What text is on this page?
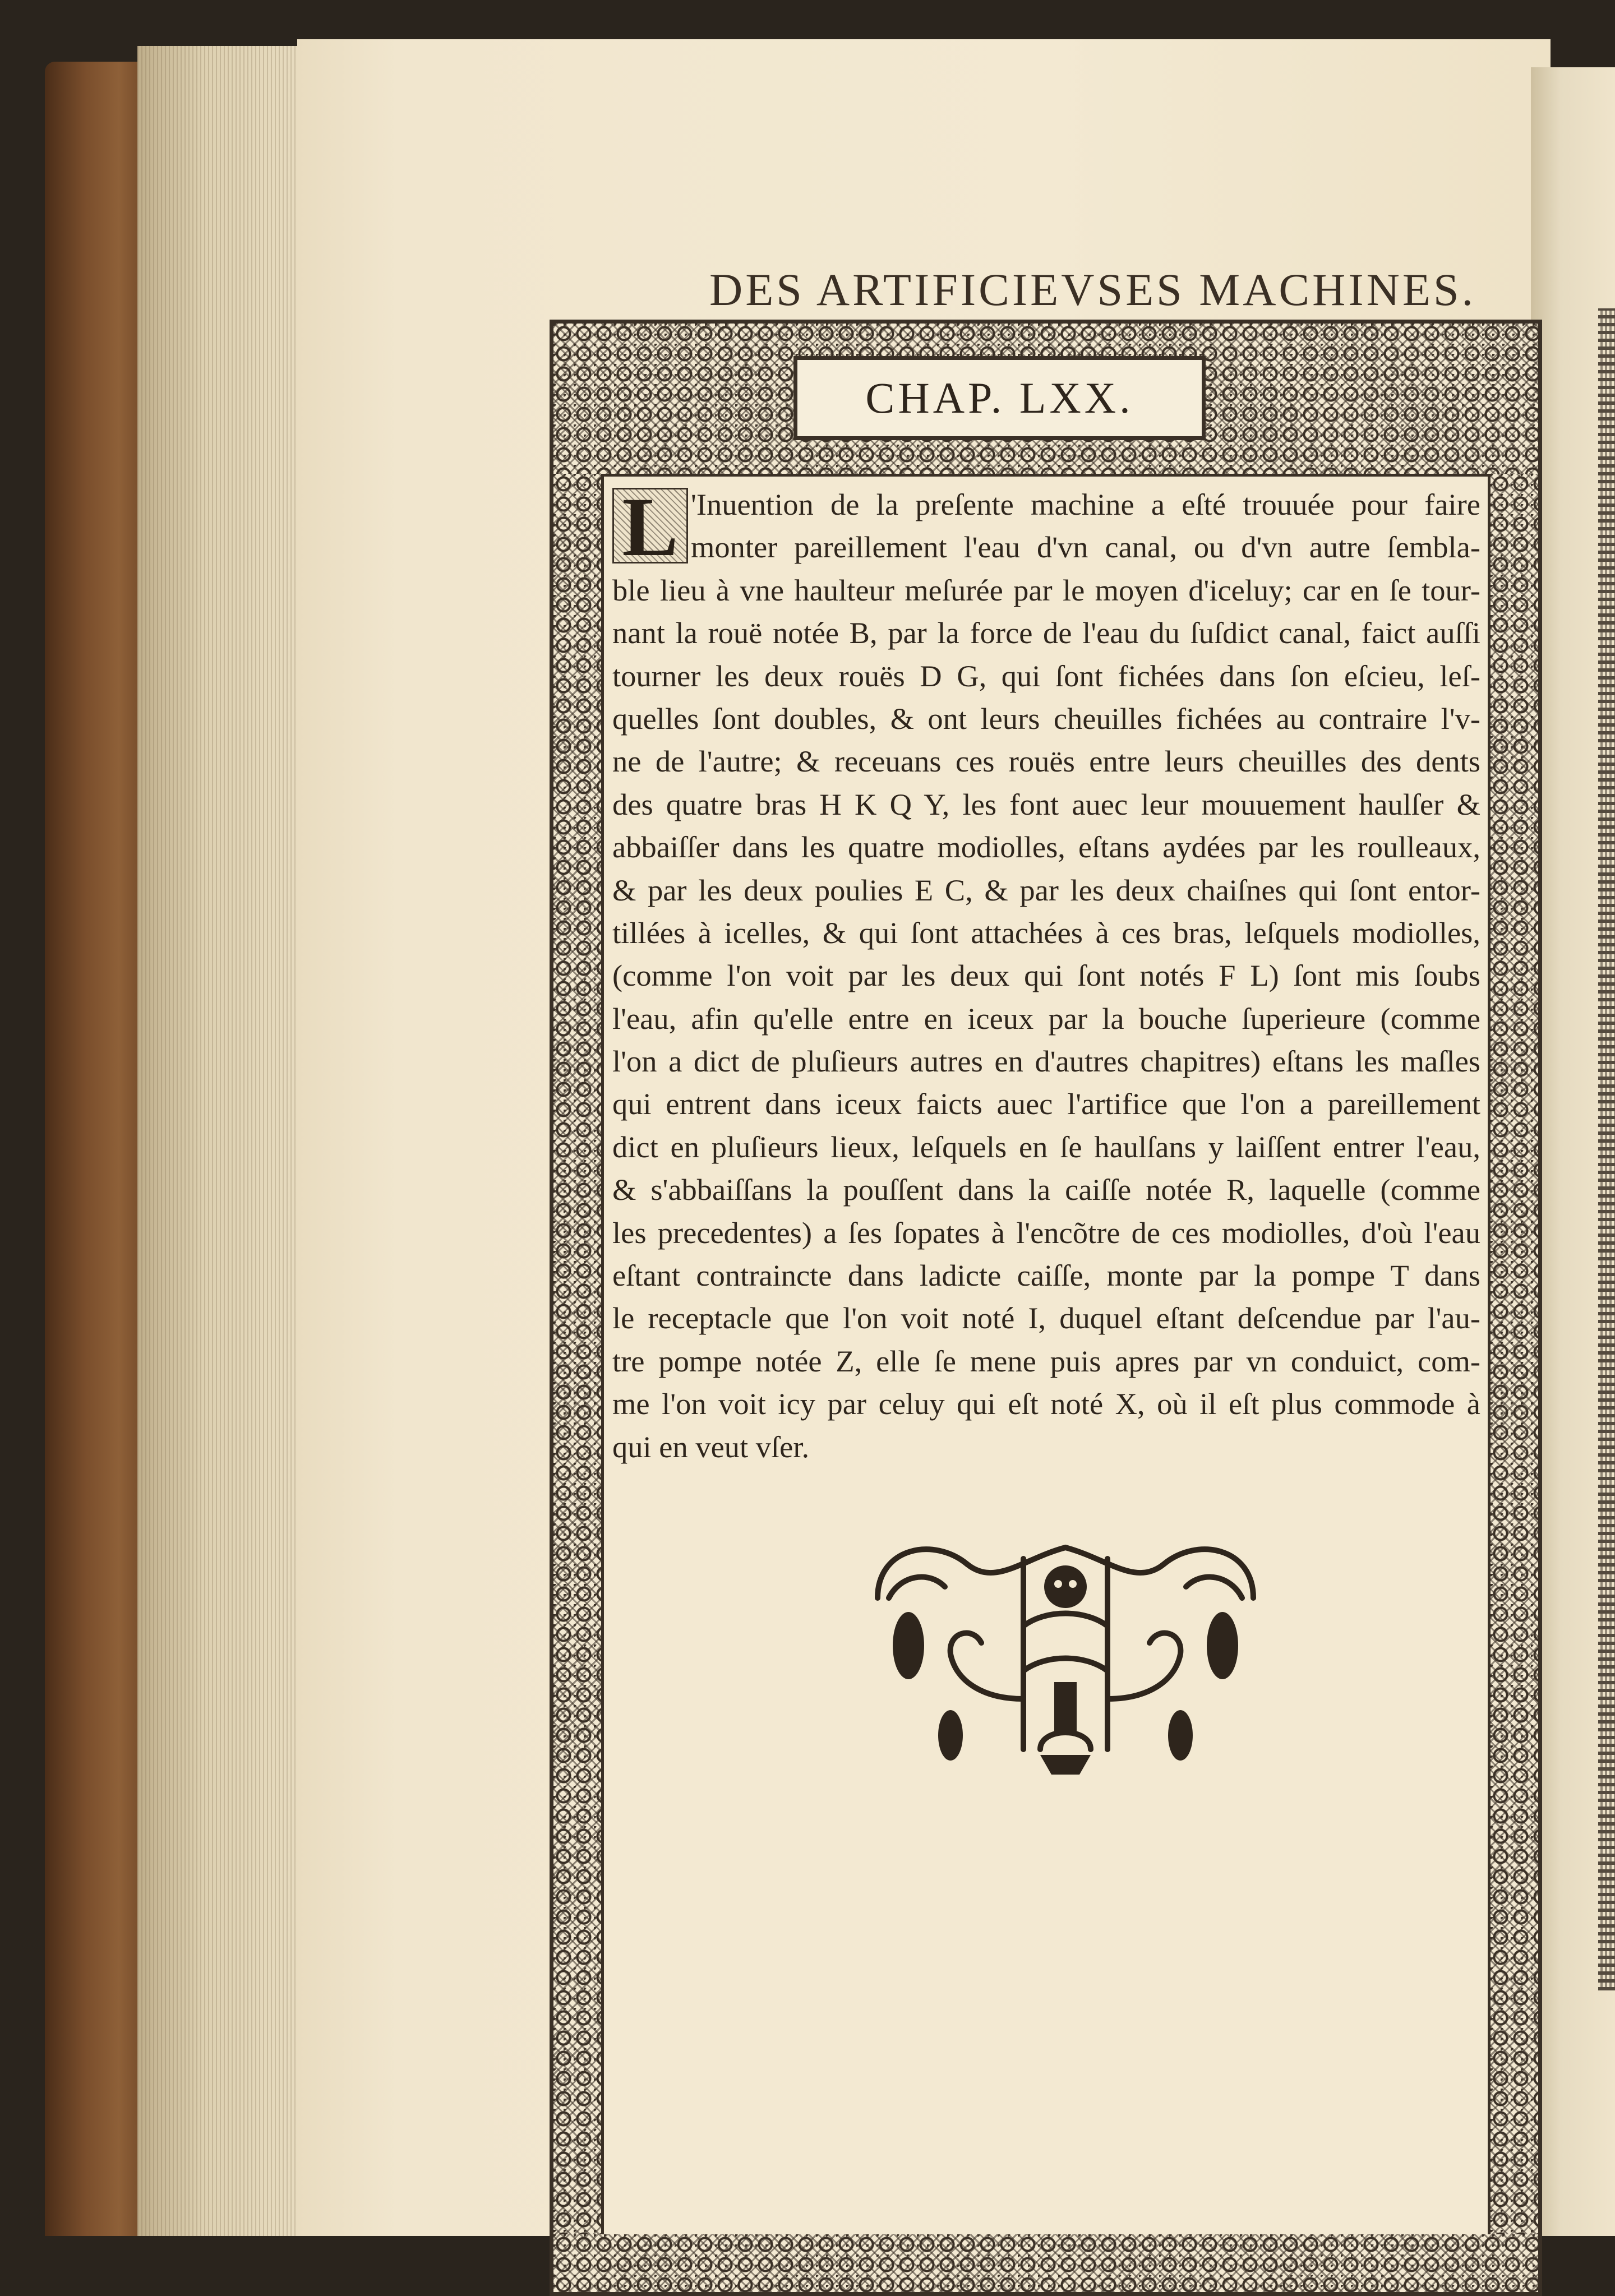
DES ARTIFICIEVSES MACHINES.
CHAP. LXX.
L 'Inuention de la preſente machine a eſté trouuée pour faire
monter pareillement l'eau d'vn canal, ou d'vn autre ſembla-
ble lieu à vne haulteur meſurée par le moyen d'iceluy; car en ſe tour-
nant la rouë notée B, par la force de l'eau du ſuſdict canal, faict auſſi
tourner les deux rouës D G, qui ſont fichées dans ſon eſcieu, leſ-
quelles ſont doubles, & ont leurs cheuilles fichées au contraire l'v-
ne de l'autre; & receuans ces rouës entre leurs cheuilles des dents
des quatre bras H K Q Y, les font auec leur mouuement haulſer &
abbaiſſer dans les quatre modiolles, eſtans aydées par les roulleaux,
& par les deux poulies E C, & par les deux chaiſnes qui ſont entor-
tillées à icelles, & qui ſont attachées à ces bras, leſquels modiolles,
(comme l'on voit par les deux qui ſont notés F L) ſont mis ſoubs
l'eau, afin qu'elle entre en iceux par la bouche ſuperieure (comme
l'on a dict de pluſieurs autres en d'autres chapitres) eſtans les maſles
qui entrent dans iceux faicts auec l'artifice que l'on a pareillement
dict en pluſieurs lieux, leſquels en ſe haulſans y laiſſent entrer l'eau,
& s'abbaiſſans la pouſſent dans la caiſſe notée R, laquelle (comme
les precedentes) a ſes ſopates à l'encõtre de ces modiolles, d'où l'eau
eſtant contraincte dans ladicte caiſſe, monte par la pompe T dans
le receptacle que l'on voit noté I, duquel eſtant deſcendue par l'au-
tre pompe notée Z, elle ſe mene puis apres par vn conduict, com-
me l'on voit icy par celuy qui eſt noté X, où il eſt plus commode à
qui en veut vſer.
